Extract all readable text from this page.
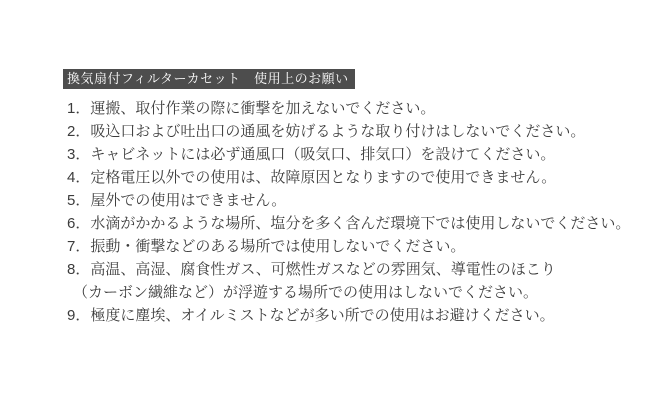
換気扇付フィルターカセット　使用上のお願い
1．運搬、取付作業の際に衝撃を加えないでください。
2．吸込口および吐出口の通風を妨げるような取り付けはしないでください。
3．キャビネットには必ず通風口（吸気口、排気口）を設けてください。
4．定格電圧以外での使用は、故障原因となりますので使用できません。
5．屋外での使用はできません。
6．水滴がかかるような場所、塩分を多く含んだ環境下では使用しないでください。
7．振動・衝撃などのある場所では使用しないでください。
8．高温、高湿、腐食性ガス、可燃性ガスなどの雰囲気、導電性のほこり
（カーボン繊維など）が浮遊する場所での使用はしないでください。
9．極度に塵埃、オイルミストなどが多い所での使用はお避けください。
